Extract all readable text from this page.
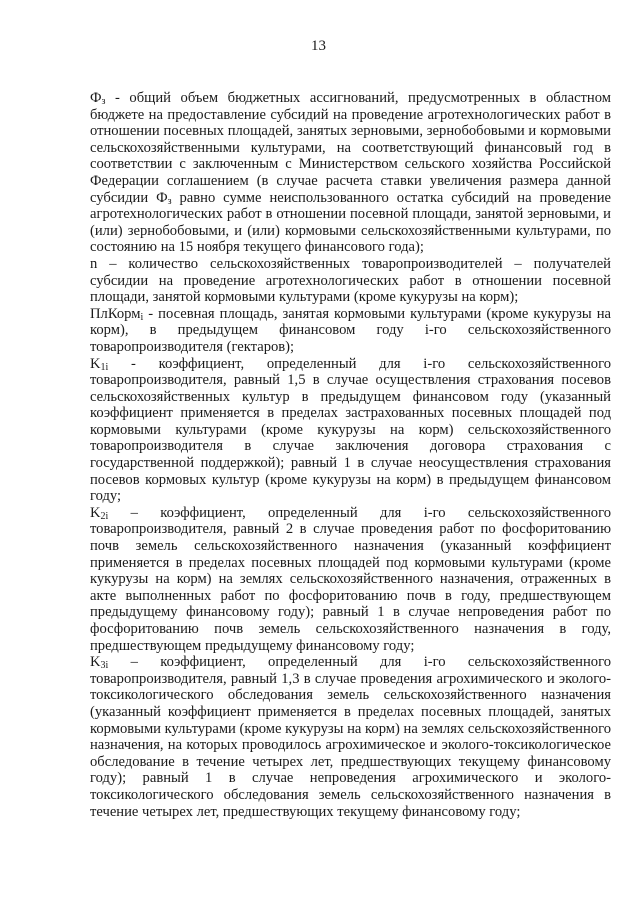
13

$Ф_з$ - общий объем бюджетных ассигнований, предусмотренных в областном бюджете на предоставление субсидий на проведение агротехнологических работ в отношении посевных площадей, занятых зерновыми, зернобобовыми и кормовыми сельскохозяйственными культурами, на соответствующий финансовый год в соответствии с заключенным с Министерством сельского хозяйства Российской Федерации соглашением (в случае расчета ставки увеличения размера данной субсидии $Ф_з$ равно сумме неиспользованного остатка субсидий на проведение агротехнологических работ в отношении посевной площади, занятой зерновыми, и (или) зернобобовыми, и (или) кормовыми сельскохозяйственными культурами, по состоянию на 15 ноября текущего финансового года);

n – количество сельскохозяйственных товаропроизводителей – получателей субсидии на проведение агротехнологических работ в отношении посевной площади, занятой кормовыми культурами (кроме кукурузы на корм);

ПлКорм$_i$ - посевная площадь, занятая кормовыми культурами (кроме кукурузы на корм), в предыдущем финансовом году i-го сельскохозяйственного товаропроизводителя (гектаров);

$K_{1i}$ - коэффициент, определенный для i-го сельскохозяйственного товаропроизводителя, равный 1,5 в случае осуществления страхования посевов сельскохозяйственных культур в предыдущем финансовом году (указанный коэффициент применяется в пределах застрахованных посевных площадей под кормовыми культурами (кроме кукурузы на корм) сельскохозяйственного товаропроизводителя в случае заключения договора страхования с государственной поддержкой); равный 1 в случае неосуществления страхования посевов кормовых культур (кроме кукурузы на корм) в предыдущем финансовом году;

$K_{2i}$ – коэффициент, определенный для i-го сельскохозяйственного товаропроизводителя, равный 2 в случае проведения работ по фосфоритованию почв земель сельскохозяйственного назначения (указанный коэффициент применяется в пределах посевных площадей под кормовыми культурами (кроме кукурузы на корм) на землях сельскохозяйственного назначения, отраженных в акте выполненных работ по фосфоритованию почв в году, предшествующем предыдущему финансовому году); равный 1 в случае непроведения работ по фосфоритованию почв земель сельскохозяйственного назначения в году, предшествующем предыдущему финансовому году;

$K_{3i}$ – коэффициент, определенный для i-го сельскохозяйственного товаропроизводителя, равный 1,3 в случае проведения агрохимического и эколого-токсикологического обследования земель сельскохозяйственного назначения (указанный коэффициент применяется в пределах посевных площадей, занятых кормовыми культурами (кроме кукурузы на корм) на землях сельскохозяйственного назначения, на которых проводилось агрохимическое и эколого-токсикологическое обследование в течение четырех лет, предшествующих текущему финансовому году); равный 1 в случае непроведения агрохимического и эколого-токсикологического обследования земель сельскохозяйственного назначения в течение четырех лет, предшествующих текущему финансовому году;
